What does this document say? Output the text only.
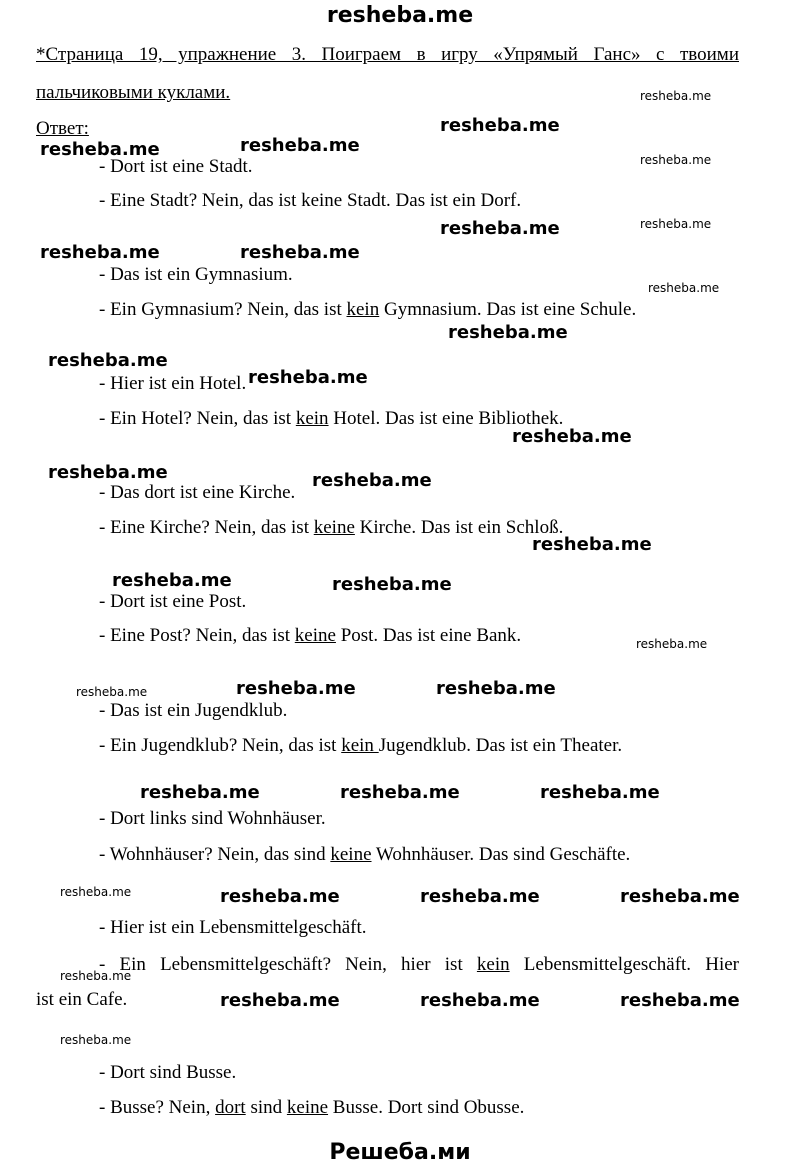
resheba.me
*Страница 19, упражнение 3. Поиграем в игру «Упрямый Ганс» с твоими
пальчиковыми куклами.
Ответ:
- Dort ist eine Stadt.
- Eine Stadt? Nein, das ist keine Stadt. Das ist ein Dorf.
- Das ist ein Gymnasium.
- Ein Gymnasium? Nein, das ist kein Gymnasium. Das ist eine Schule.
- Hier ist ein Hotel.
- Ein Hotel? Nein, das ist kein Hotel. Das ist eine Bibliothek.
- Das dort ist eine Kirche.
- Eine Kirche? Nein, das ist keine Kirche. Das ist ein Schloß.
- Dort ist eine Post.
- Eine Post? Nein, das ist keine Post. Das ist eine Bank.
- Das ist ein Jugendklub.
- Ein Jugendklub? Nein, das ist kein Jugendklub. Das ist ein Theater.
- Dort links sind Wohnhäuser.
- Wohnhäuser? Nein, das sind keine Wohnhäuser. Das sind Geschäfte.
- Hier ist ein Lebensmittelgeschäft.
- Ein Lebensmittelgeschäft? Nein, hier ist kein Lebensmittelgeschäft. Hier
ist ein Cafe.
- Dort sind Busse.
- Busse? Nein, dort sind keine Busse. Dort sind Obusse.
resheba.me
resheba.me
resheba.me
resheba.me	resheba.me
resheba.me
resheba.me
resheba.me	resheba.me
resheba.me
resheba.me
resheba.me
resheba.me
resheba.me
resheba.me	resheba.me
resheba.me
resheba.me	resheba.me
resheba.me
resheba.me	resheba.me
resheba.me
resheba.me	resheba.me	resheba.me
resheba.me	resheba.me	resheba.me	resheba.me
resheba.me
resheba.me	resheba.me	resheba.me
resheba.me
Решеба.ми
